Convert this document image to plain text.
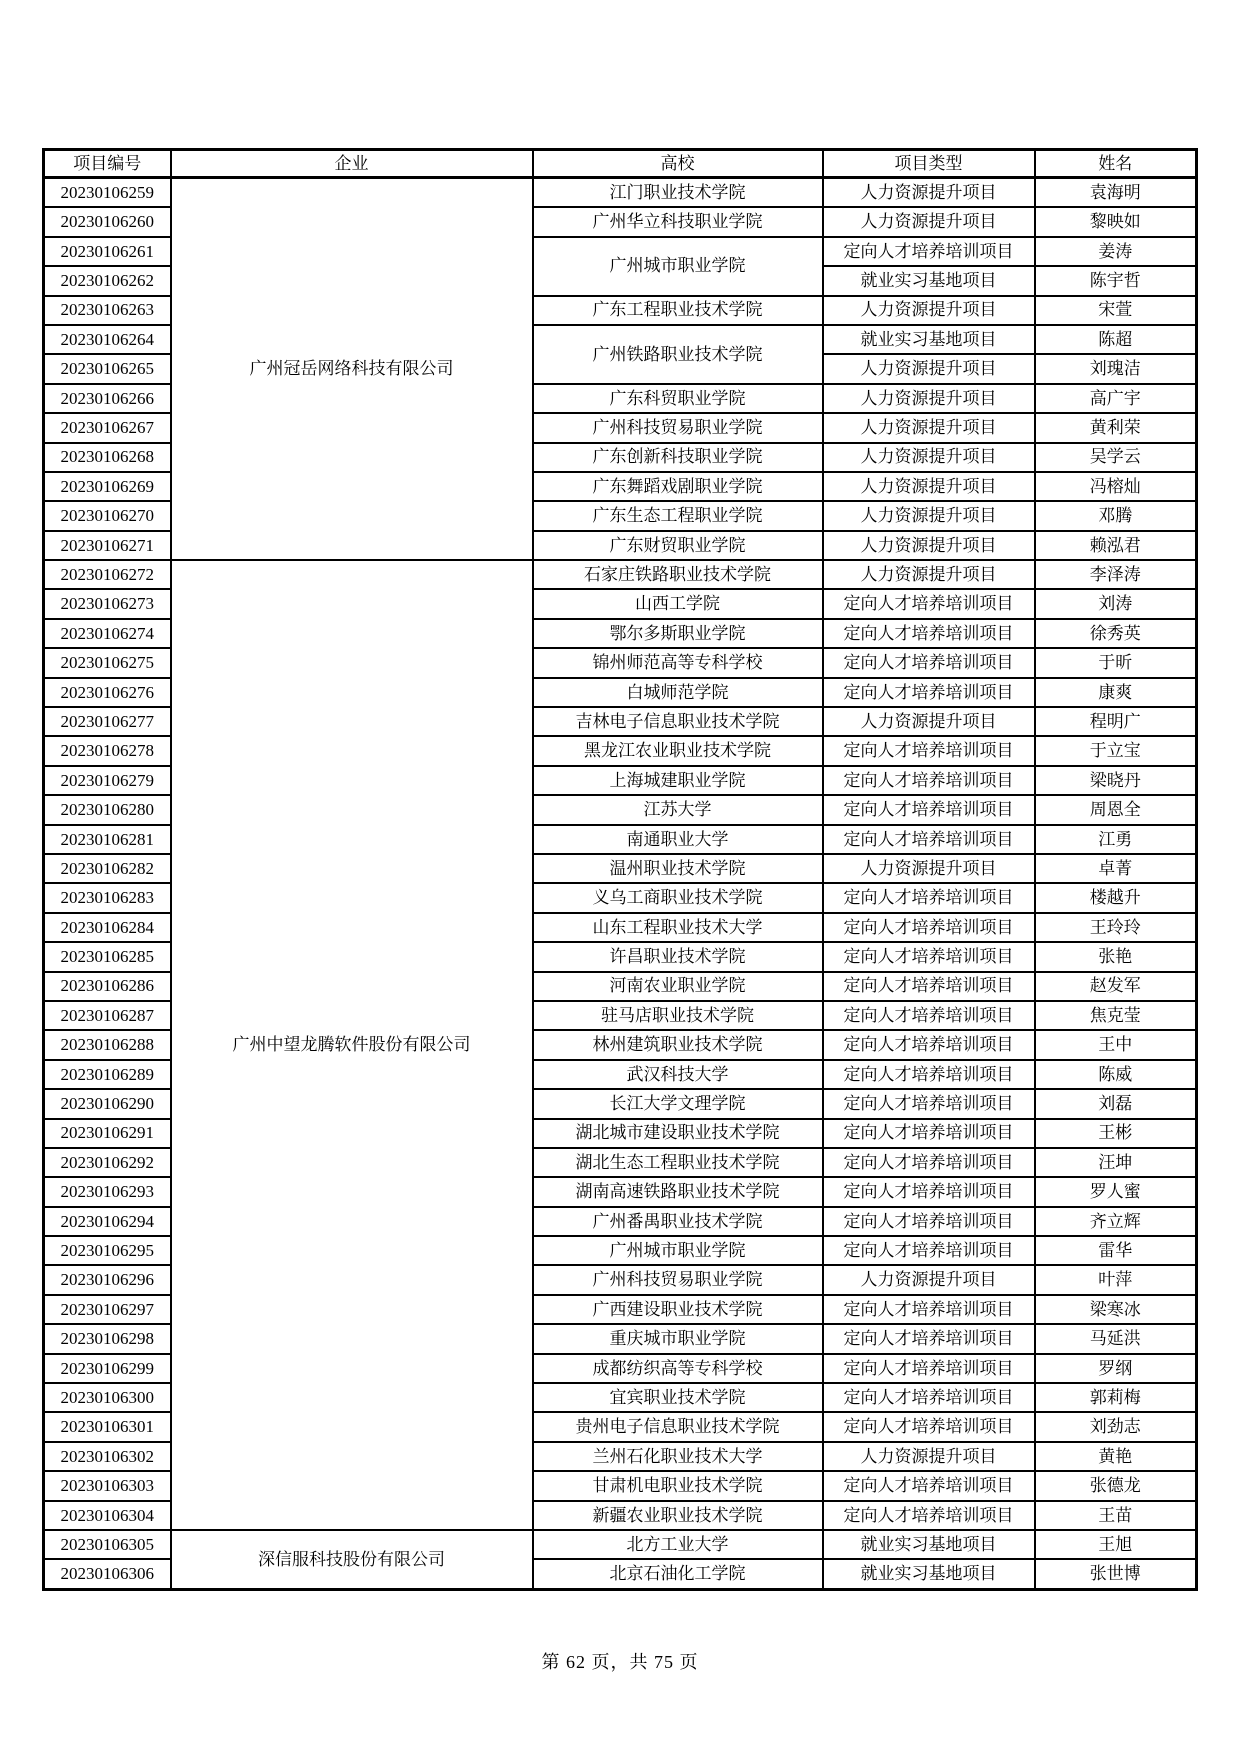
项目编号	企业	高校	项目类型	姓名
20230106259	广州冠岳网络科技有限公司	江门职业技术学院	人力资源提升项目	袁海明
20230106260		广州华立科技职业学院	人力资源提升项目	黎映如
20230106261		广州城市职业学院	定向人才培养培训项目	姜涛
20230106262			就业实习基地项目	陈宇哲
20230106263		广东工程职业技术学院	人力资源提升项目	宋萱
20230106264		广州铁路职业技术学院	就业实习基地项目	陈超
20230106265			人力资源提升项目	刘瑰洁
20230106266		广东科贸职业学院	人力资源提升项目	高广宇
20230106267		广州科技贸易职业学院	人力资源提升项目	黄利荣
20230106268		广东创新科技职业学院	人力资源提升项目	吴学云
20230106269		广东舞蹈戏剧职业学院	人力资源提升项目	冯榕灿
20230106270		广东生态工程职业学院	人力资源提升项目	邓腾
20230106271		广东财贸职业学院	人力资源提升项目	赖泓君
20230106272	广州中望龙腾软件股份有限公司	石家庄铁路职业技术学院	人力资源提升项目	李泽涛
20230106273		山西工学院	定向人才培养培训项目	刘涛
20230106274		鄂尔多斯职业学院	定向人才培养培训项目	徐秀英
20230106275		锦州师范高等专科学校	定向人才培养培训项目	于昕
20230106276		白城师范学院	定向人才培养培训项目	康爽
20230106277		吉林电子信息职业技术学院	人力资源提升项目	程明广
20230106278		黑龙江农业职业技术学院	定向人才培养培训项目	于立宝
20230106279		上海城建职业学院	定向人才培养培训项目	梁晓丹
20230106280		江苏大学	定向人才培养培训项目	周恩全
20230106281		南通职业大学	定向人才培养培训项目	江勇
20230106282		温州职业技术学院	人力资源提升项目	卓菁
20230106283		义乌工商职业技术学院	定向人才培养培训项目	楼越升
20230106284		山东工程职业技术大学	定向人才培养培训项目	王玲玲
20230106285		许昌职业技术学院	定向人才培养培训项目	张艳
20230106286		河南农业职业学院	定向人才培养培训项目	赵发军
20230106287		驻马店职业技术学院	定向人才培养培训项目	焦克莹
20230106288		林州建筑职业技术学院	定向人才培养培训项目	王中
20230106289		武汉科技大学	定向人才培养培训项目	陈威
20230106290		长江大学文理学院	定向人才培养培训项目	刘磊
20230106291		湖北城市建设职业技术学院	定向人才培养培训项目	王彬
20230106292		湖北生态工程职业技术学院	定向人才培养培训项目	汪坤
20230106293		湖南高速铁路职业技术学院	定向人才培养培训项目	罗人蜜
20230106294		广州番禺职业技术学院	定向人才培养培训项目	齐立辉
20230106295		广州城市职业学院	定向人才培养培训项目	雷华
20230106296		广州科技贸易职业学院	人力资源提升项目	叶萍
20230106297		广西建设职业技术学院	定向人才培养培训项目	梁寒冰
20230106298		重庆城市职业学院	定向人才培养培训项目	马延洪
20230106299		成都纺织高等专科学校	定向人才培养培训项目	罗纲
20230106300		宜宾职业技术学院	定向人才培养培训项目	郭莉梅
20230106301		贵州电子信息职业技术学院	定向人才培养培训项目	刘劲志
20230106302		兰州石化职业技术大学	人力资源提升项目	黄艳
20230106303		甘肃机电职业技术学院	定向人才培养培训项目	张德龙
20230106304		新疆农业职业技术学院	定向人才培养培训项目	王苗
20230106305	深信服科技股份有限公司	北方工业大学	就业实习基地项目	王旭
20230106306		北京石油化工学院	就业实习基地项目	张世博
第 62 页，共 75 页
